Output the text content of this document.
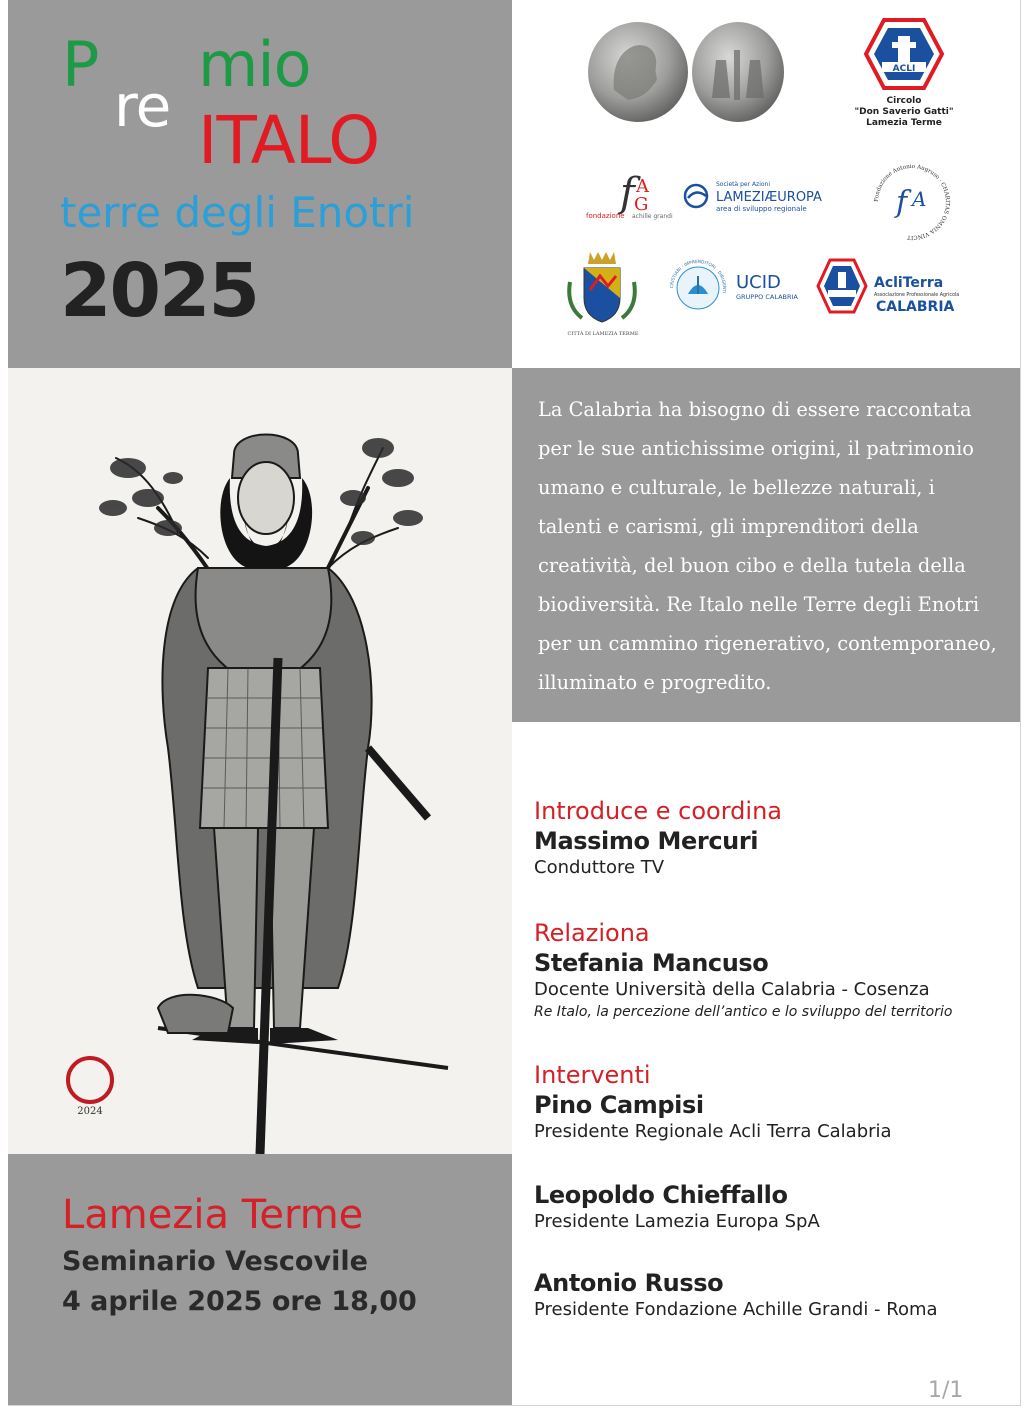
P
re
mio
ITALO
terre degli Enotri
2025
ACLI
Circolo
"Don Saverio Gatti"
Lamezia Terme
f A
G
fondazione achille grandi
Società per Azioni
LAMEZIÆUROPA
area di sviluppo regionale
Fondazione Antonio Augruso · CHARITAS OMNIA VINCIT
f A
CITTÀ DI LAMEZIA TERME
CRISTIANI · IMPRENDITORI · DIRIGENTI UCID
GRUPPO CALABRIA
AcliTerra
Associazione Professionale Agricola
CALABRIA
2024
La Calabria ha bisogno di essere raccontata
per le sue antichissime origini, il patrimonio
umano e culturale, le bellezze naturali, i
talenti e carismi, gli imprenditori della
creatività, del buon cibo e della tutela della
biodiversità. Re Italo nelle Terre degli Enotri
per un cammino rigenerativo, contemporaneo,
illuminato e progredito.
Introduce e coordina
Massimo Mercuri
Conduttore TV
Relaziona
Stefania Mancuso
Docente Università della Calabria - Cosenza
Re Italo, la percezione dell’antico e lo sviluppo del territorio
Interventi
Pino Campisi
Presidente Regionale Acli Terra Calabria
Leopoldo Chieffallo
Presidente Lamezia Europa SpA
Antonio Russo
Presidente Fondazione Achille Grandi - Roma
Lamezia Terme
Seminario Vescovile
4 aprile 2025 ore 18,00
1/1
